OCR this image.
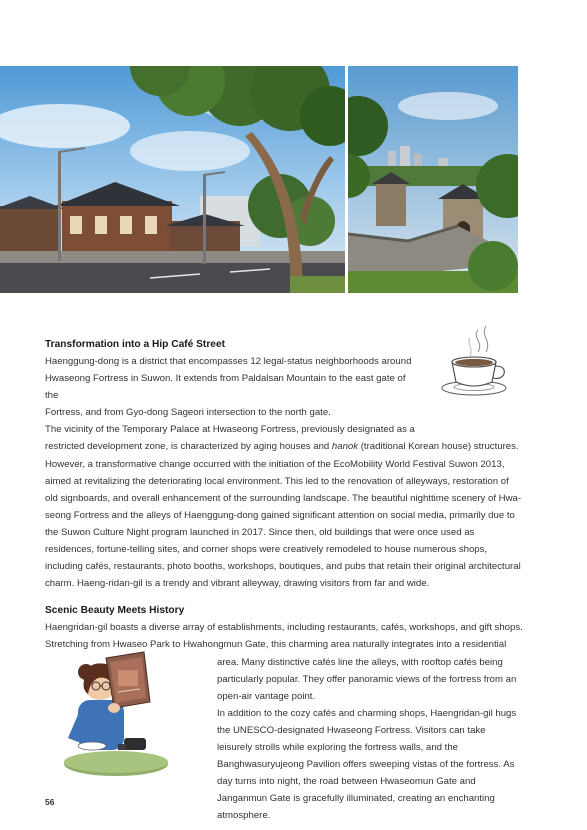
Transformation into a Hip Café Street
Haenggung-dong is a district that encompasses 12 legal-status neighborhoods around
Hwaseong Fortress in Suwon. It extends from Paldalsan Mountain to the east gate of the
Fortress, and from Gyo-dong Sageori intersection to the north gate.
The vicinity of the Temporary Palace at Hwaseong Fortress, previously designated as a
restricted development zone, is characterized by aging houses and hanok (traditional Korean house) structures. However, a transformative change occurred with the initiation of the EcoMobility World Festival Suwon 2013, aimed at revitalizing the deteriorating local environment. This led to the renovation of alleyways, restoration of old signboards, and overall enhancement of the surrounding landscape. The beautiful nighttime scenery of Hwa-seong Fortress and the alleys of Haenggung-dong gained significant attention on social media, primarily due to the Suwon Culture Night program launched in 2017. Since then, old buildings that were once used as residences, fortune-telling sites, and corner shops were creatively remodeled to house numerous shops, including cafés, restaurants, photo booths, workshops, boutiques, and pubs that retain their original architectural charm. Haeng-ridan-gil is a trendy and vibrant alleyway, drawing visitors from far and wide.
Scenic Beauty Meets History
Haengridan-gil boasts a diverse array of establishments, including restaurants, cafés, workshops, and gift shops.
Stretching from Hwaseo Park to Hwahongmun Gate, this charming area naturally integrates into a residential
area. Many distinctive cafés line the alleys, with rooftop cafés being particularly popular. They offer panoramic views of the fortress from an open-air vantage point.
In addition to the cozy cafés and charming shops, Haengridan-gil hugs the UNESCO-designated Hwaseong Fortress. Visitors can take leisurely strolls while exploring the fortress walls, and the Banghwasuryujeong Pavilion offers sweeping vistas of the fortress. As day turns into night, the road between Hwaseomun Gate and Janganmun Gate is gracefully illuminated, creating an enchanting atmosphere.
56
